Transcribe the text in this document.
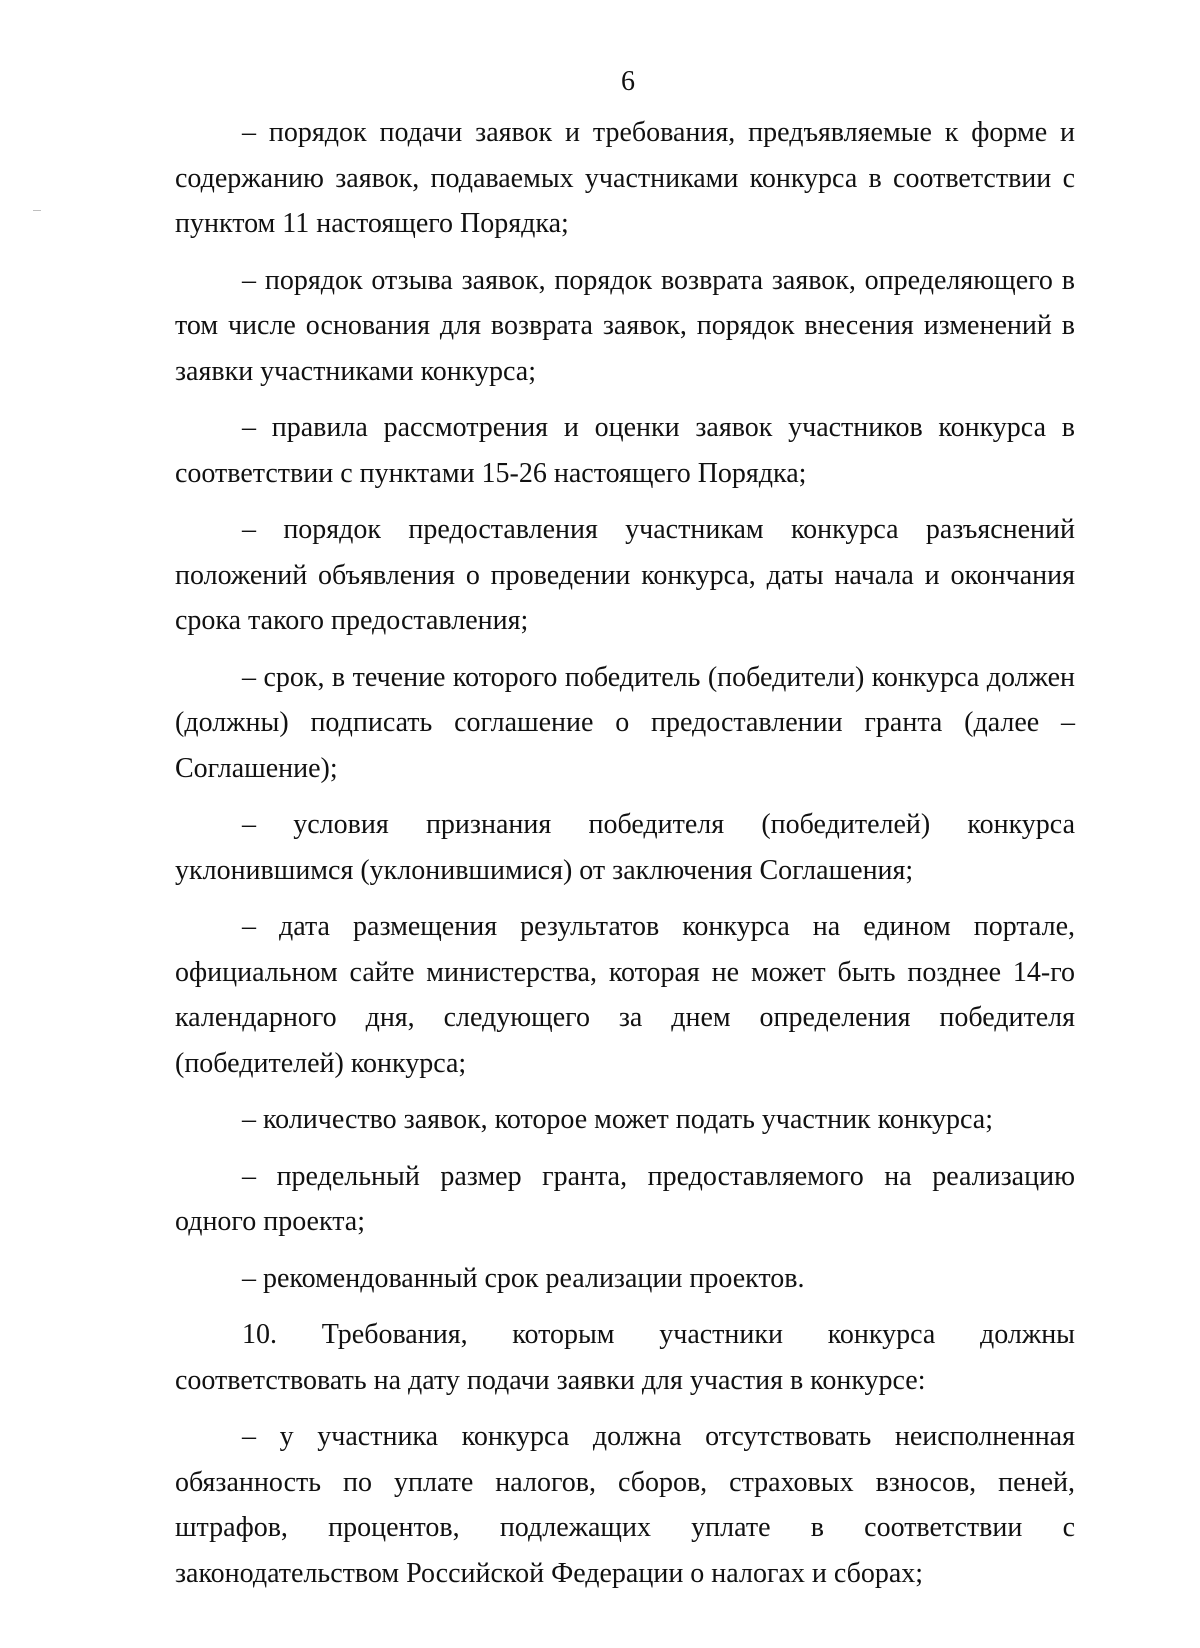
6

– порядок подачи заявок и требования, предъявляемые к форме и содержанию заявок, подаваемых участниками конкурса в соответствии с пунктом 11 настоящего Порядка;

– порядок отзыва заявок, порядок возврата заявок, определяющего в том числе основания для возврата заявок, порядок внесения изменений в заявки участниками конкурса;

– правила рассмотрения и оценки заявок участников конкурса в соответствии с пунктами 15-26 настоящего Порядка;

– порядок предоставления участникам конкурса разъяснений положений объявления о проведении конкурса, даты начала и окончания срока такого предоставления;

– срок, в течение которого победитель (победители) конкурса должен (должны) подписать соглашение о предоставлении гранта (далее – Соглашение);

– условия признания победителя (победителей) конкурса уклонившимся (уклонившимися) от заключения Соглашения;

– дата размещения результатов конкурса на едином портале, официальном сайте министерства, которая не может быть позднее 14-го календарного дня, следующего за днем определения победителя (победителей) конкурса;

– количество заявок, которое может подать участник конкурса;

– предельный размер гранта, предоставляемого на реализацию одного проекта;

– рекомендованный срок реализации проектов.

10. Требования, которым участники конкурса должны соответствовать на дату подачи заявки для участия в конкурсе:

– у участника конкурса должна отсутствовать неисполненная обязанность по уплате налогов, сборов, страховых взносов, пеней, штрафов, процентов, подлежащих уплате в соответствии с законодательством Российской Федерации о налогах и сборах;
